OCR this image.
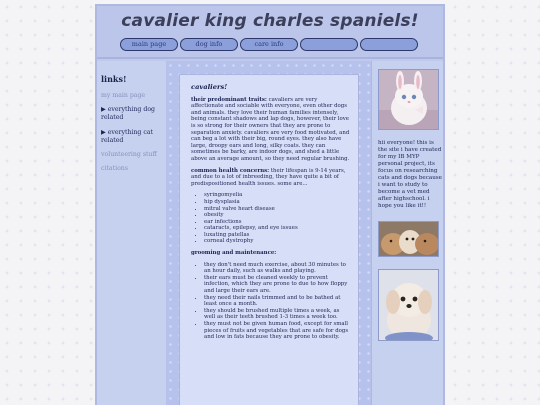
cavalier king charles spaniels!
main page	dog info	care info
links!
my main page
▶ everything dog related
▶ everything cat related
volunteering stuff
citations
cavaliers!

their predominant traits: cavaliers are very affectionate and sociable with everyone, even other dogs and animals. they love their human families intensely, being constant shadows and lap dogs, however, their love is so strong for their owners that they are prone to separation anxiety. cavaliers are very food motivated, and can beg a lot with their big, round eyes. they also have large, droopy ears and long, silky coats. they can sometimes be barky, are indoor dogs, and shed a little above an average amount, so they need regular brushing.

common health concerns: their lifespan is 9-14 years, and due to a lot of inbreeding, they have quite a bit of predispositioned health issues. some are...

• syringomyelia
• hip dysplasia
• mitral valve heart disease
• obesity
• ear infections
• cataracts, epilepsy, and eye issues
• luxating patellas
• corneal dystrophy
grooming and maintenance:
• they don't need much exercise, about 30 minutes to an hour daily, such as walks and playing.
• their ears must be cleaned weekly to prevent infection, which they are prone to due to how floppy and large their ears are.
• they need their nails trimmed and to be bathed at least once a month.
• they should be brushed multiple times a week, as well as their teeth brushed 1-3 times a week too.
• they must not be given human food, except for small pieces of fruits and vegetables that are safe for dogs and low in fats because they are prone to obesity.
hii everyone! this is the site i have created for my IB MYP personal project, its focus on researching cats and dogs because i want to study to become a vet med after highschool. i hope you like it!!
